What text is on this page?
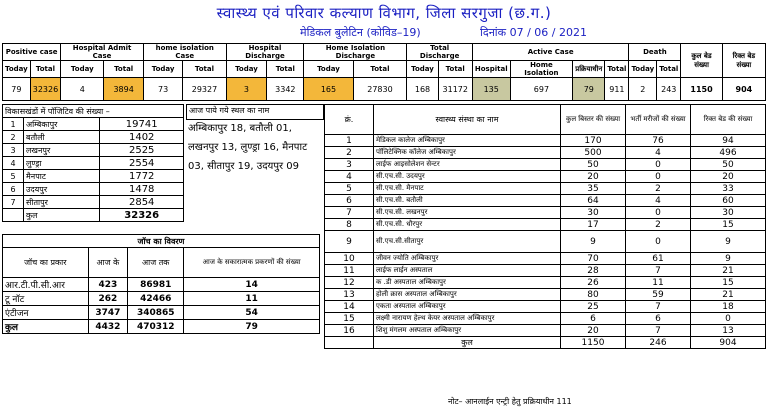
स्वास्थ्य एवं परिवार कल्याण विभाग, जिला सरगुजा (छ.ग.)
मेडिकल बुलेटिन (कोविड–19)	दिनांक 07 / 06 / 2021
Positive case		Hospital Admit Case		home isolation Case		Hospital Discharge		Home Isolation Discharge		Total Discharge		Active Case				Death		कुल बेड संख्या	रिक्त बेड संख्या
Today	Total	Today	Total	Today	Total	Today	Total	Today	Total	Today	Total	Hospital	Home Isolation	प्रक्रियाधीन	Total	Today	Total		
79	32326	4	3894	73	29327	3	3342	165	27830	168	31172	135	697	79	911	2	243	1150	904
विकासखंडों में पॉजिटिव की संख्या –		
1	अम्बिकापुर	19741
2	बतौली	1402
3	लखनपुर	2525
4	लुण्ड्रा	2554
5	मैनपाट	1772
6	उदयपुर	1478
7	सीतापुर	2854
	कुल	32326
आज पाये गये स्थल का नाम
अम्बिकापुर 18, बतौली 01, लखनपुर 13, लुण्ड्रा 16, मैनपाट 03, सीतापुर 19, उदयपुर 09
जॉच का विवरण			
जॉच का प्रकार	आज के	आज तक	आज के सकारात्मक प्रकरणों की संख्या
आर.टी.पी.सी.आर	423	86981	14
टू नॉट	262	42466	11
एंटीजन	3747	340865	54
कुल	4432	470312	79
क्रं.	स्वास्थ्य संस्था का नाम	कुल बिस्तर की संख्या	भर्ती मरीजों की संख्या	रिक्त बेड की संख्या
1	मेडिकल कालेज अम्बिकापुर	170	76	94
2	पॉलिटेक्निक कॉलेज अम्बिकापुर	500	4	496
3	लाईफ आइसोलेशन सेन्टर	50	0	50
4	सी.एच.सी. उदयपुर	20	0	20
5	सी.एच.सी. मैनपाट	35	2	33
6	सी.एच.सी. बतौली	64	4	60
7	सी.एच.सी. लखनपुर	30	0	30
8	सी.एच.सी. धौरपुर	17	2	15
9	सी.एच.सी.सीतापुर	9	0	9
10	जीवन ज्योति अम्बिकापुर	70	61	9
11	लाईफ लाईन अस्पताल	28	7	21
12	क .डी अस्पताल अम्बिकापुर	26	11	15
13	होली क्रास अस्पताल अम्बिकापुर	80	59	21
14	एकता अस्पताल अम्बिकापुर	25	7	18
15	लक्ष्मी नारायण हेल्थ केयर अस्पताल अम्बिकापुर	6	6	0
16	शिशु मंगलम अस्पताल अम्बिकापुर	20	7	13
	कुल	1150	246	904
नोट– आनलाईन एन्ट्री हेतु प्रक्रियाधीन 111
